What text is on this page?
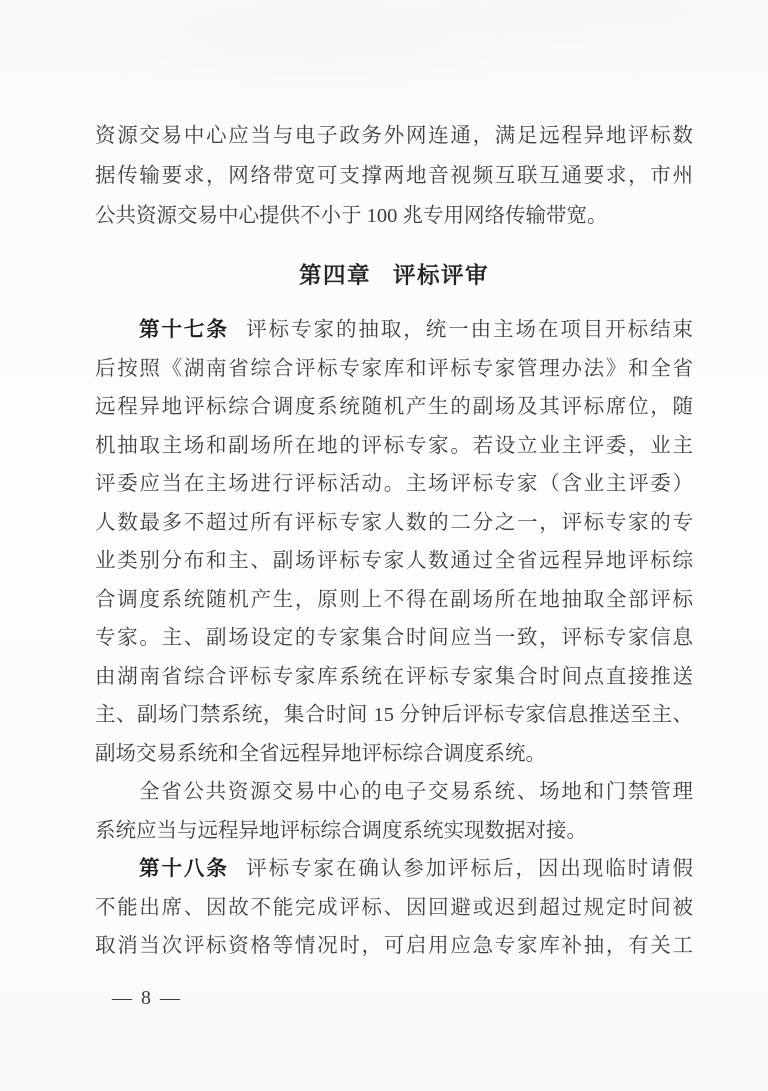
资源交易中心应当与电子政务外网连通，满足远程异地评标数
据传输要求，网络带宽可支撑两地音视频互联互通要求，市州
公共资源交易中心提供不小于 100 兆专用网络传输带宽。
第四章 评标评审
第十七条 评标专家的抽取，统一由主场在项目开标结束
后按照《湖南省综合评标专家库和评标专家管理办法》和全省
远程异地评标综合调度系统随机产生的副场及其评标席位，随
机抽取主场和副场所在地的评标专家。若设立业主评委，业主
评委应当在主场进行评标活动。主场评标专家（含业主评委）
人数最多不超过所有评标专家人数的二分之一，评标专家的专
业类别分布和主、副场评标专家人数通过全省远程异地评标综
合调度系统随机产生，原则上不得在副场所在地抽取全部评标
专家。主、副场设定的专家集合时间应当一致，评标专家信息
由湖南省综合评标专家库系统在评标专家集合时间点直接推送
主、副场门禁系统，集合时间 15 分钟后评标专家信息推送至主、
副场交易系统和全省远程异地评标综合调度系统。
全省公共资源交易中心的电子交易系统、场地和门禁管理
系统应当与远程异地评标综合调度系统实现数据对接。
第十八条 评标专家在确认参加评标后，因出现临时请假
不能出席、因故不能完成评标、因回避或迟到超过规定时间被
取消当次评标资格等情况时，可启用应急专家库补抽，有关工
— 8 —
